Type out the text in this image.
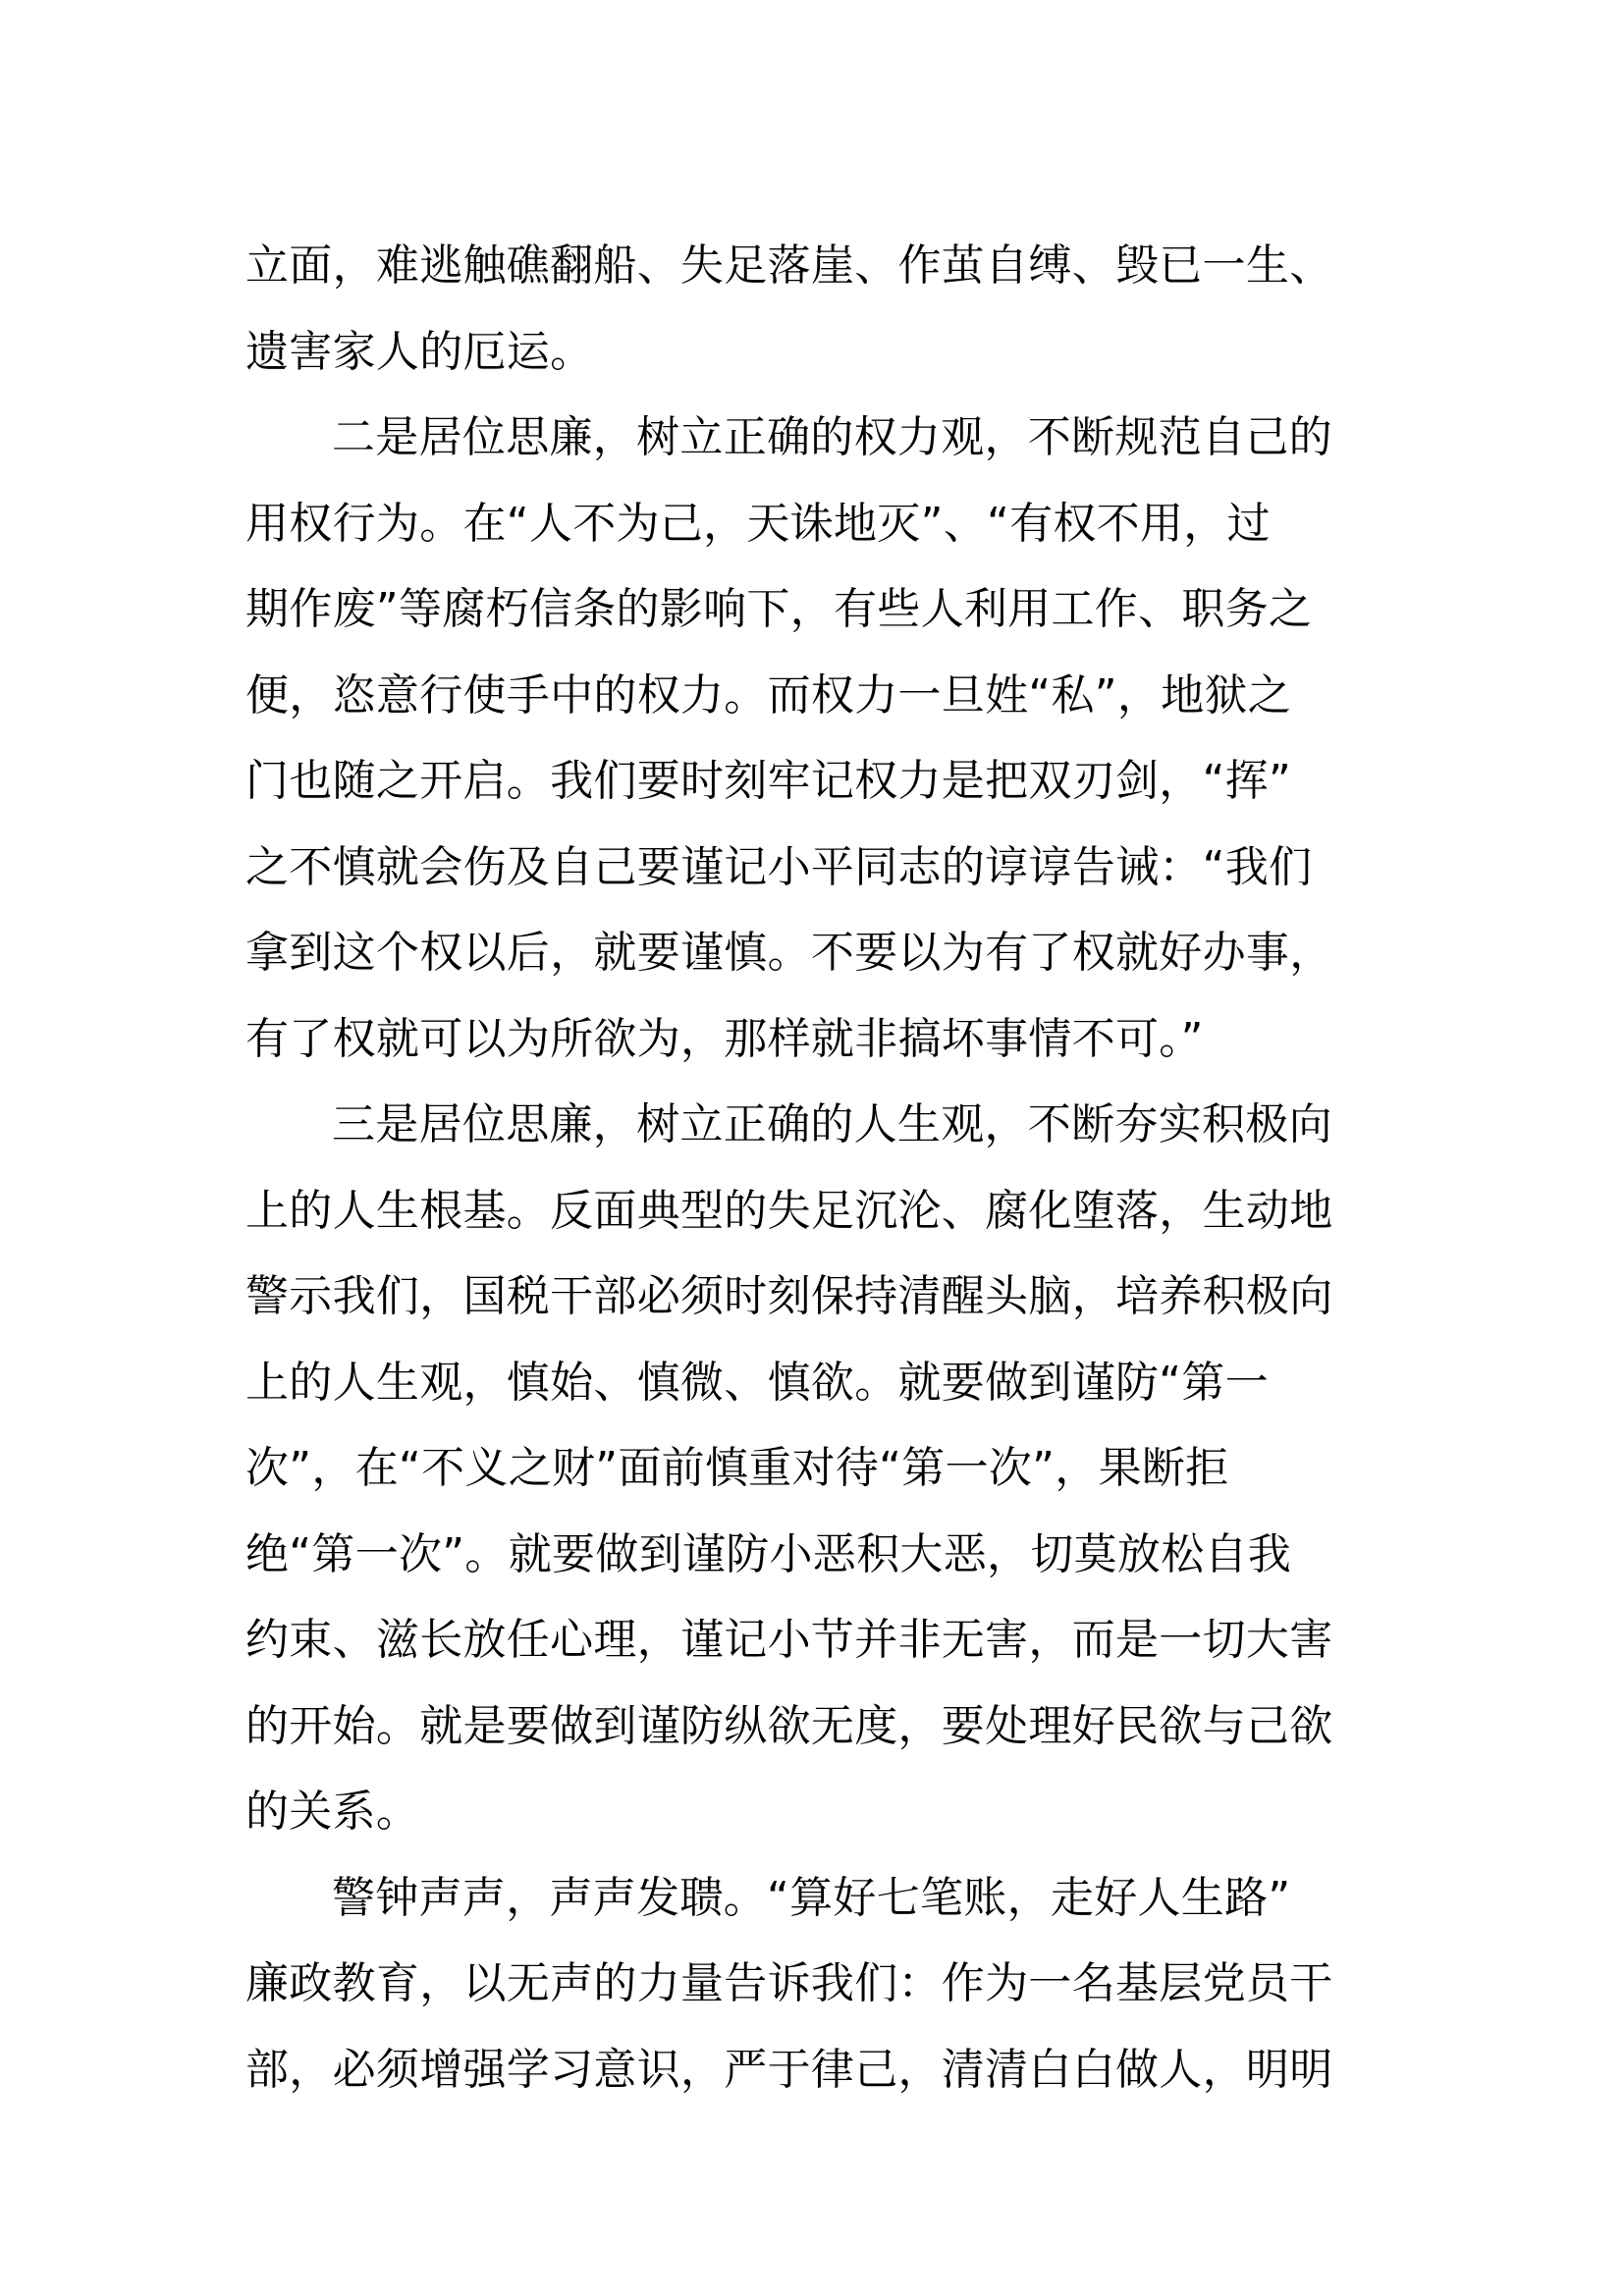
立面，难逃触礁翻船、失足落崖、作茧自缚、毁已一生、
遗害家人的厄运。
二是居位思廉，树立正确的权力观，不断规范自己的
用权行为。在“人不为己，天诛地灭”、“有权不用，过
期作废”等腐朽信条的影响下，有些人利用工作、职务之
便，恣意行使手中的权力。而权力一旦姓“私”，地狱之
门也随之开启。我们要时刻牢记权力是把双刃剑，“挥”
之不慎就会伤及自己要谨记小平同志的谆谆告诫：“我们
拿到这个权以后，就要谨慎。不要以为有了权就好办事，
有了权就可以为所欲为，那样就非搞坏事情不可。”
三是居位思廉，树立正确的人生观，不断夯实积极向
上的人生根基。反面典型的失足沉沦、腐化堕落，生动地
警示我们，国税干部必须时刻保持清醒头脑，培养积极向
上的人生观，慎始、慎微、慎欲。就要做到谨防“第一
次”，在“不义之财”面前慎重对待“第一次”，果断拒
绝“第一次”。就要做到谨防小恶积大恶，切莫放松自我
约束、滋长放任心理，谨记小节并非无害，而是一切大害
的开始。就是要做到谨防纵欲无度，要处理好民欲与己欲
的关系。
警钟声声，声声发聩。“算好七笔账，走好人生路”
廉政教育，以无声的力量告诉我们：作为一名基层党员干
部，必须增强学习意识，严于律己，清清白白做人，明明
